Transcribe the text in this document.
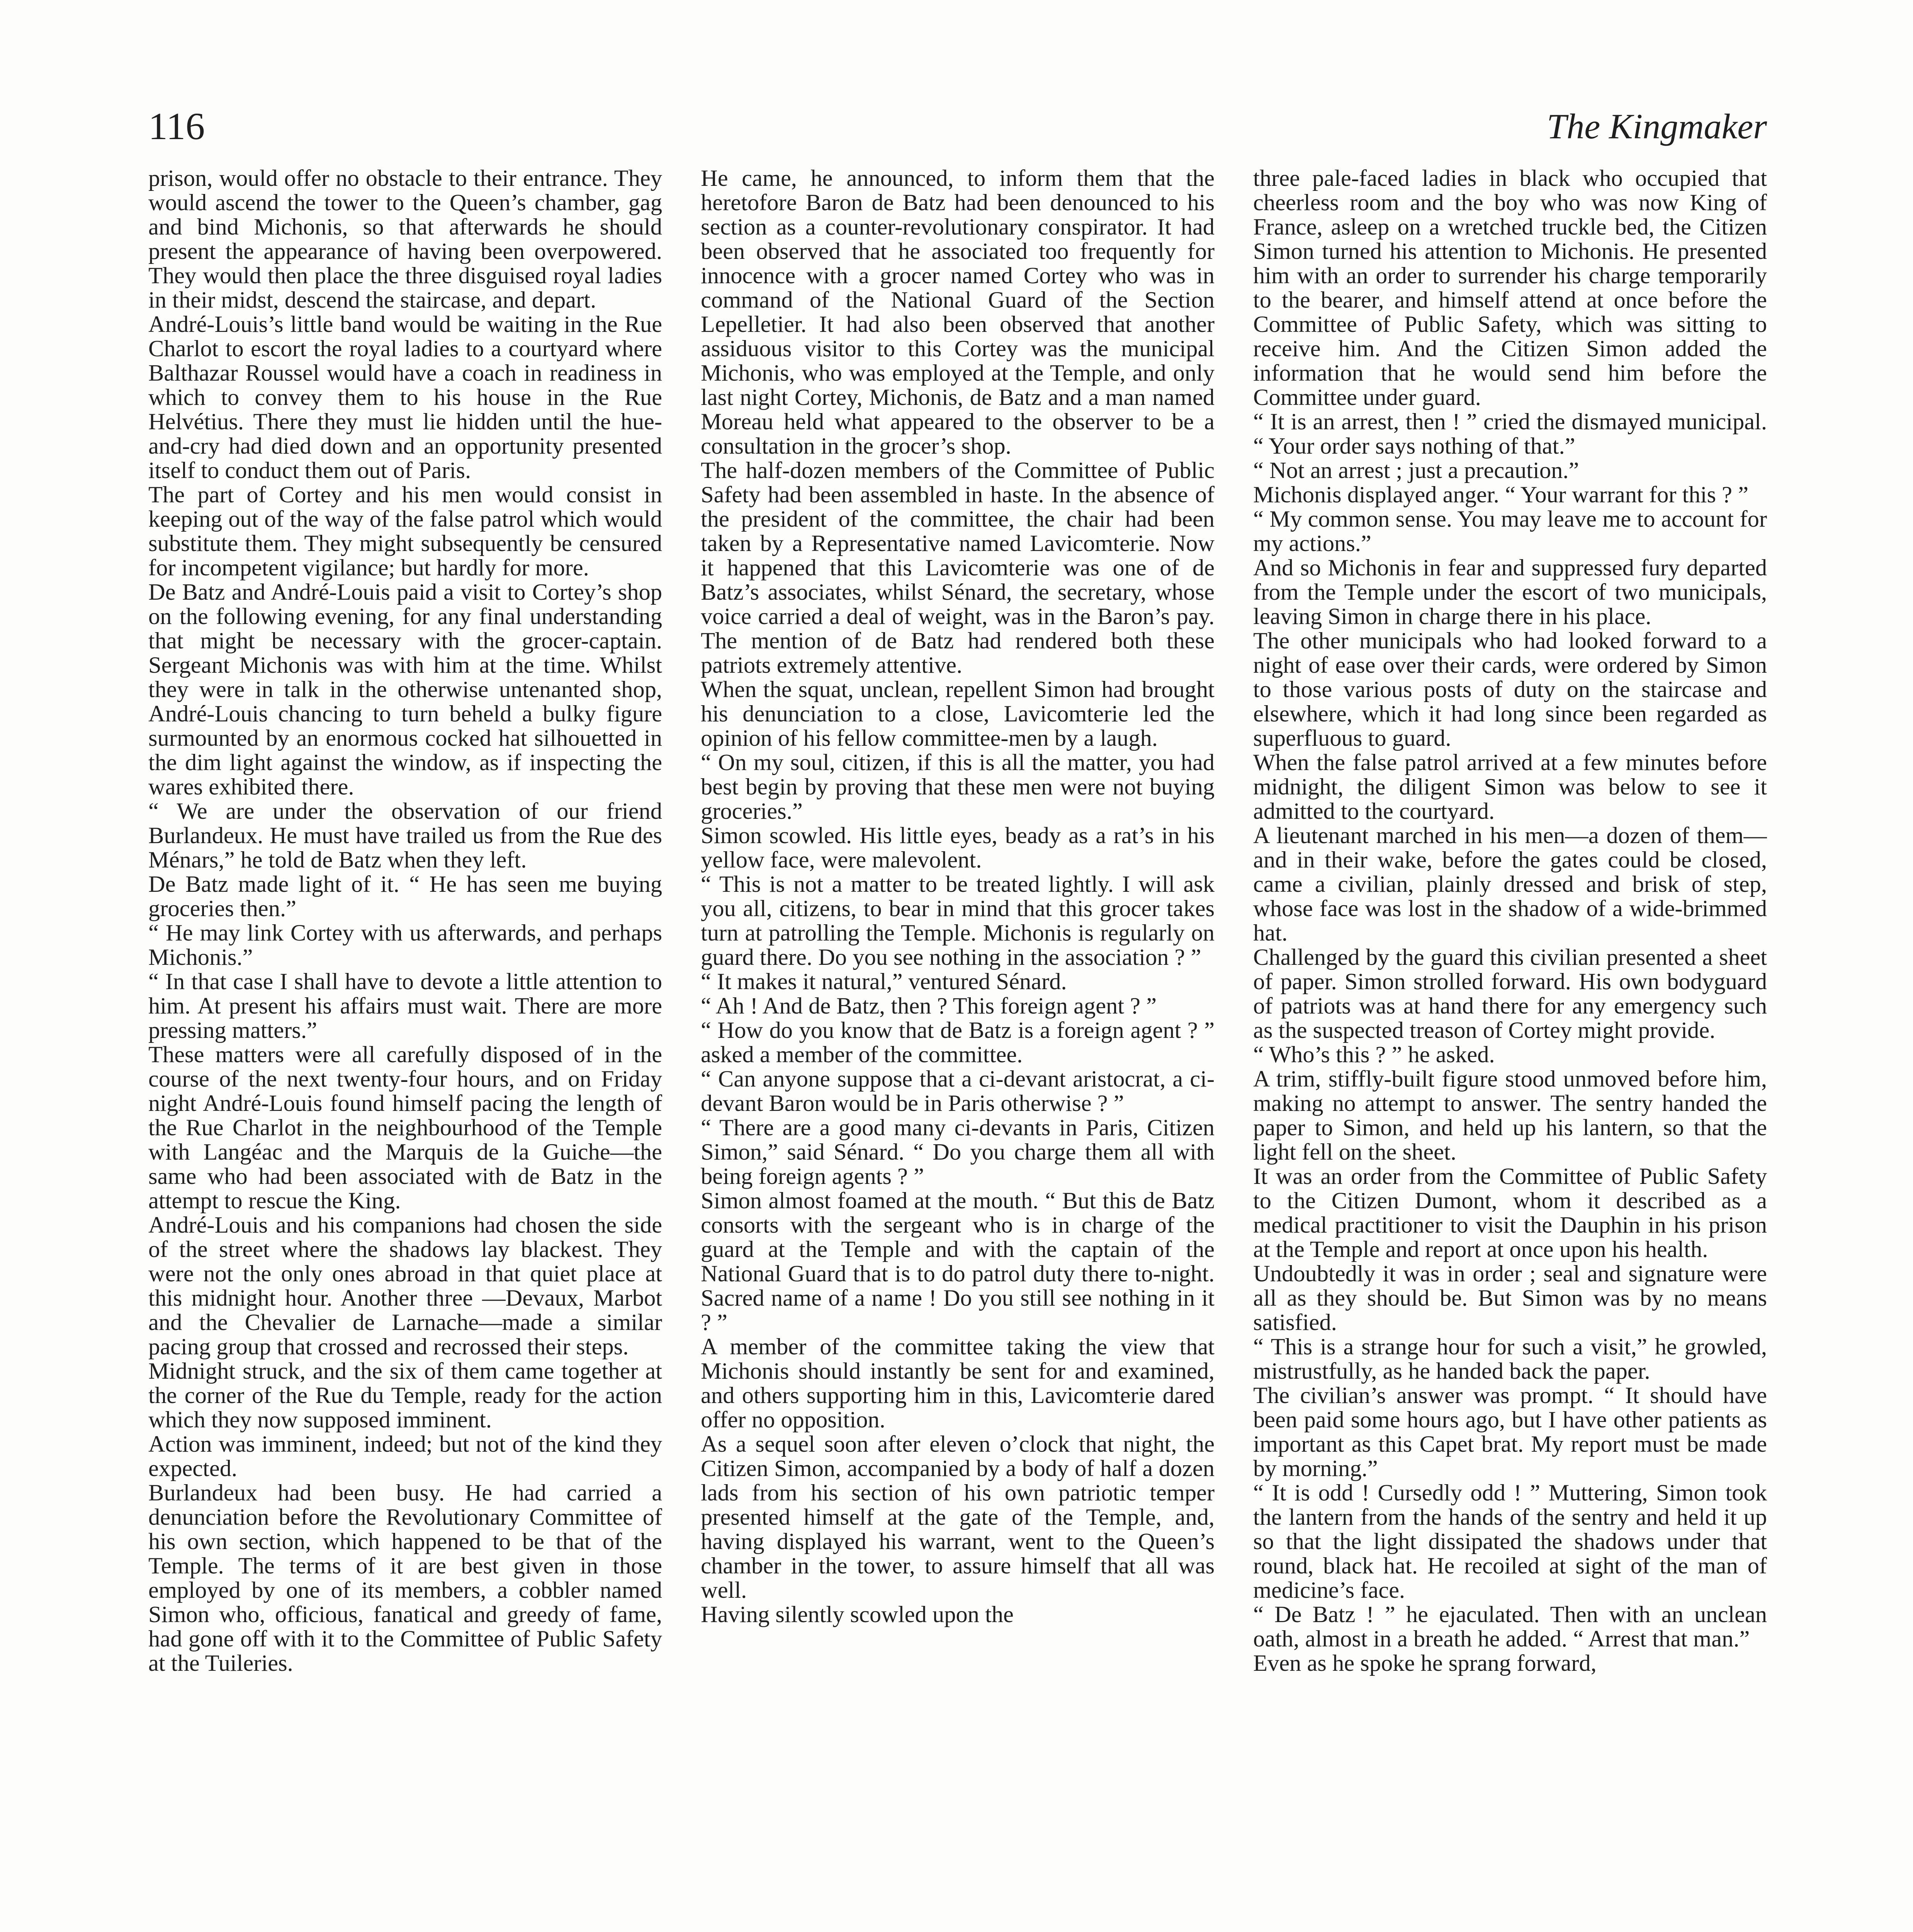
116	The Kingmaker

prison, would offer no obstacle to their entrance. They would ascend the tower to the Queen’s chamber, gag and bind Michonis, so that afterwards he should present the appearance of having been overpowered. They would then place the three disguised royal ladies in their midst, descend the staircase, and depart.

André-Louis’s little band would be waiting in the Rue Charlot to escort the royal ladies to a courtyard where Balthazar Roussel would have a coach in readiness in which to convey them to his house in the Rue Helvétius. There they must lie hidden until the hue-and-cry had died down and an opportunity presented itself to conduct them out of Paris.

The part of Cortey and his men would consist in keeping out of the way of the false patrol which would substitute them. They might subsequently be censured for incompetent vigilance; but hardly for more.

De Batz and André-Louis paid a visit to Cortey’s shop on the following evening, for any final understanding that might be necessary with the grocer-captain. Sergeant Michonis was with him at the time. Whilst they were in talk in the otherwise untenanted shop, André-Louis chancing to turn beheld a bulky figure surmounted by an enormous cocked hat silhouetted in the dim light against the window, as if inspecting the wares exhibited there.

“ We are under the observation of our friend Burlandeux. He must have trailed us from the Rue des Ménars,” he told de Batz when they left.

De Batz made light of it. “ He has seen me buying groceries then.”

“ He may link Cortey with us afterwards, and perhaps Michonis.”

“ In that case I shall have to devote a little attention to him. At present his affairs must wait. There are more pressing matters.”

These matters were all carefully disposed of in the course of the next twenty-four hours, and on Friday night André-Louis found himself pacing the length of the Rue Charlot in the neighbourhood of the Temple with Langéac and the Marquis de la Guiche—the same who had been associated with de Batz in the attempt to rescue the King.

André-Louis and his companions had chosen the side of the street where the shadows lay blackest. They were not the only ones abroad in that quiet place at this midnight hour. Another three —Devaux, Marbot and the Chevalier de Larnache—made a similar pacing group that crossed and recrossed their steps.

Midnight struck, and the six of them came together at the corner of the Rue du Temple, ready for the action which they now supposed imminent.

Action was imminent, indeed; but not of the kind they expected.

Burlandeux had been busy. He had carried a denunciation before the Revolutionary Committee of his own section, which happened to be that of the Temple. The terms of it are best given in those employed by one of its members, a cobbler named Simon who, officious, fanatical and greedy of fame, had gone off with it to the Committee of Public Safety at the Tuileries.

He came, he announced, to inform them that the heretofore Baron de Batz had been denounced to his section as a counter-revolutionary conspirator. It had been observed that he associated too frequently for innocence with a grocer named Cortey who was in command of the National Guard of the Section Lepelletier. It had also been observed that another assiduous visitor to this Cortey was the municipal Michonis, who was employed at the Temple, and only last night Cortey, Michonis, de Batz and a man named Moreau held what appeared to the observer to be a consultation in the grocer’s shop.

The half-dozen members of the Committee of Public Safety had been assembled in haste. In the absence of the president of the committee, the chair had been taken by a Representative named Lavicomterie. Now it happened that this Lavicomterie was one of de Batz’s associates, whilst Sénard, the secretary, whose voice carried a deal of weight, was in the Baron’s pay. The mention of de Batz had rendered both these patriots extremely attentive.

When the squat, unclean, repellent Simon had brought his denunciation to a close, Lavicomterie led the opinion of his fellow committee-men by a laugh.

“ On my soul, citizen, if this is all the matter, you had best begin by proving that these men were not buying groceries.”

Simon scowled. His little eyes, beady as a rat’s in his yellow face, were malevolent.

“ This is not a matter to be treated lightly. I will ask you all, citizens, to bear in mind that this grocer takes turn at patrolling the Temple. Michonis is regularly on guard there. Do you see nothing in the association ? ”

“ It makes it natural,” ventured Sénard.

“ Ah ! And de Batz, then ? This foreign agent ? ”

“ How do you know that de Batz is a foreign agent ? ” asked a member of the committee.

“ Can anyone suppose that a ci-devant aristocrat, a ci-devant Baron would be in Paris otherwise ? ”

“ There are a good many ci-devants in Paris, Citizen Simon,” said Sénard. “ Do you charge them all with being foreign agents ? ”

Simon almost foamed at the mouth. “ But this de Batz consorts with the sergeant who is in charge of the guard at the Temple and with the captain of the National Guard that is to do patrol duty there to-night. Sacred name of a name ! Do you still see nothing in it ? ”

A member of the committee taking the view that Michonis should instantly be sent for and examined, and others supporting him in this, Lavicomterie dared offer no opposition.

As a sequel soon after eleven o’clock that night, the Citizen Simon, accompanied by a body of half a dozen lads from his section of his own patriotic temper presented himself at the gate of the Temple, and, having displayed his warrant, went to the Queen’s chamber in the tower, to assure himself that all was well.

Having silently scowled upon the

three pale-faced ladies in black who occupied that cheerless room and the boy who was now King of France, asleep on a wretched truckle bed, the Citizen Simon turned his attention to Michonis. He presented him with an order to surrender his charge temporarily to the bearer, and himself attend at once before the Committee of Public Safety, which was sitting to receive him. And the Citizen Simon added the information that he would send him before the Committee under guard.

“ It is an arrest, then ! ” cried the dismayed municipal. “ Your order says nothing of that.”

“ Not an arrest ; just a precaution.”

Michonis displayed anger. “ Your warrant for this ? ”

“ My common sense. You may leave me to account for my actions.”

And so Michonis in fear and suppressed fury departed from the Temple under the escort of two municipals, leaving Simon in charge there in his place.

The other municipals who had looked forward to a night of ease over their cards, were ordered by Simon to those various posts of duty on the staircase and elsewhere, which it had long since been regarded as superfluous to guard.

When the false patrol arrived at a few minutes before midnight, the diligent Simon was below to see it admitted to the courtyard.

A lieutenant marched in his men—a dozen of them—and in their wake, before the gates could be closed, came a civilian, plainly dressed and brisk of step, whose face was lost in the shadow of a wide-brimmed hat.

Challenged by the guard this civilian presented a sheet of paper. Simon strolled forward. His own bodyguard of patriots was at hand there for any emergency such as the suspected treason of Cortey might provide.

“ Who’s this ? ” he asked.

A trim, stiffly-built figure stood unmoved before him, making no attempt to answer. The sentry handed the paper to Simon, and held up his lantern, so that the light fell on the sheet.

It was an order from the Committee of Public Safety to the Citizen Dumont, whom it described as a medical practitioner to visit the Dauphin in his prison at the Temple and report at once upon his health.

Undoubtedly it was in order ; seal and signature were all as they should be. But Simon was by no means satisfied.

“ This is a strange hour for such a visit,” he growled, mistrustfully, as he handed back the paper.

The civilian’s answer was prompt. “ It should have been paid some hours ago, but I have other patients as important as this Capet brat. My report must be made by morning.”

“ It is odd ! Cursedly odd ! ” Muttering, Simon took the lantern from the hands of the sentry and held it up so that the light dissipated the shadows under that round, black hat. He recoiled at sight of the man of medicine’s face.

“ De Batz ! ” he ejaculated. Then with an unclean oath, almost in a breath he added. “ Arrest that man.”

Even as he spoke he sprang forward,
